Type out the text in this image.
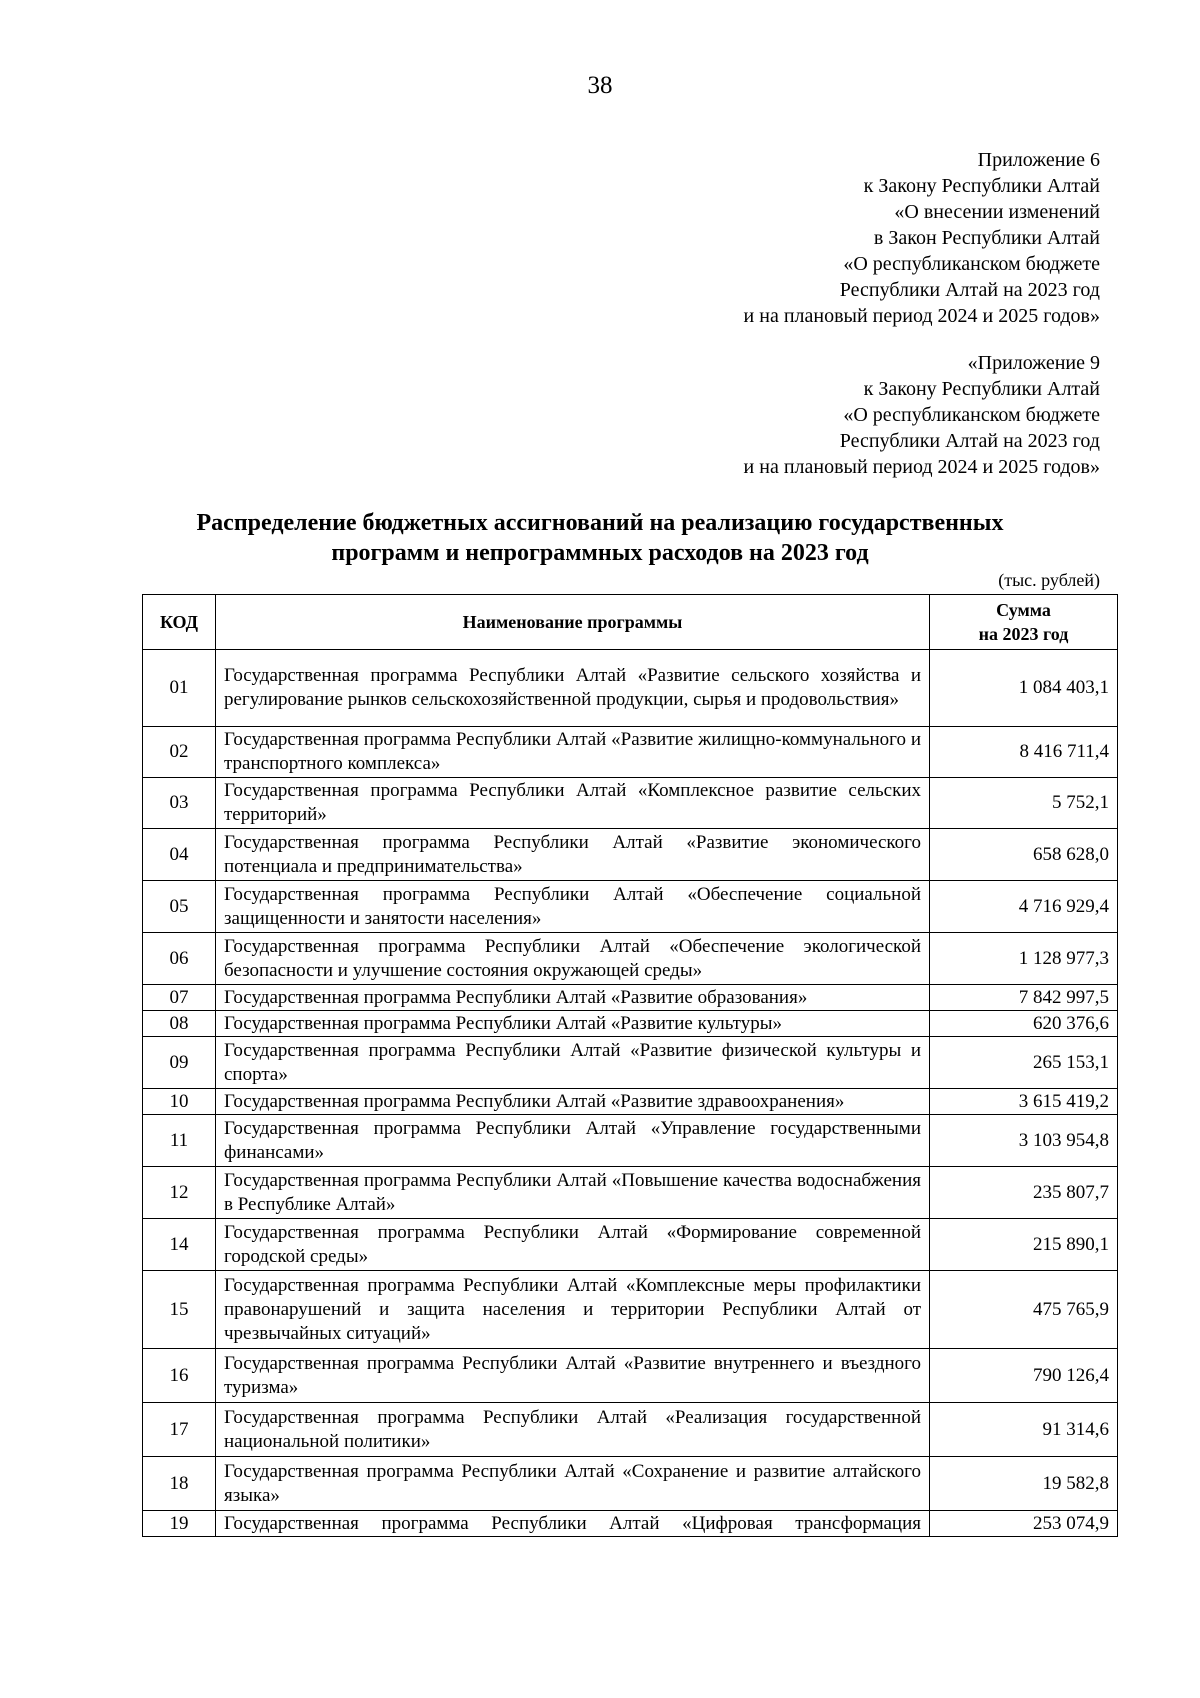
38
Приложение 6
к Закону Республики Алтай
«О внесении изменений
в Закон Республики Алтай
«О республиканском бюджете
Республики Алтай на 2023 год
и на плановый период 2024 и 2025 годов»
«Приложение 9
к Закону Республики Алтай
«О республиканском бюджете
Республики Алтай на 2023 год
и на плановый период 2024 и 2025 годов»
Распределение бюджетных ассигнований на реализацию государственных
программ и непрограммных расходов на 2023 год
(тыс. рублей)
КОД	Наименование программы	Сумма
на 2023 год

01	Государственная программа Республики Алтай «Развитие сельского хозяйства и регулирование рынков сельскохозяйственной продукции, сырья и продовольствия»	1 084 403,1
02	Государственная программа Республики Алтай «Развитие жилищно-коммунального и транспортного комплекса»	8 416 711,4
03	Государственная программа Республики Алтай «Комплексное развитие сельских территорий»	5 752,1
04	Государственная программа Республики Алтай «Развитие экономического потенциала и предпринимательства»	658 628,0
05	Государственная программа Республики Алтай «Обеспечение социальной защищенности и занятости населения»	4 716 929,4
06	Государственная программа Республики Алтай «Обеспечение экологической безопасности и улучшение состояния окружающей среды»	1 128 977,3
07	Государственная программа Республики Алтай «Развитие образования»	7 842 997,5
08	Государственная программа Республики Алтай «Развитие культуры»	620 376,6
09	Государственная программа Республики Алтай «Развитие физической культуры и спорта»	265 153,1
10	Государственная программа Республики Алтай «Развитие здравоохранения»	3 615 419,2
11	Государственная программа Республики Алтай «Управление государственными финансами»	3 103 954,8
12	Государственная программа Республики Алтай «Повышение качества водоснабжения в Республике Алтай»	235 807,7
14	Государственная программа Республики Алтай «Формирование современной городской среды»	215 890,1
15	Государственная программа Республики Алтай «Комплексные меры профилактики правонарушений и защита населения и территории Республики Алтай от чрезвычайных ситуаций»	475 765,9
16	Государственная программа Республики Алтай «Развитие внутреннего и въездного туризма»	790 126,4
17	Государственная программа Республики Алтай «Реализация государственной национальной политики»	91 314,6
18	Государственная программа Республики Алтай «Сохранение и развитие алтайского языка»	19 582,8
19	Государственная программа Республики Алтай «Цифровая трансформация	253 074,9
